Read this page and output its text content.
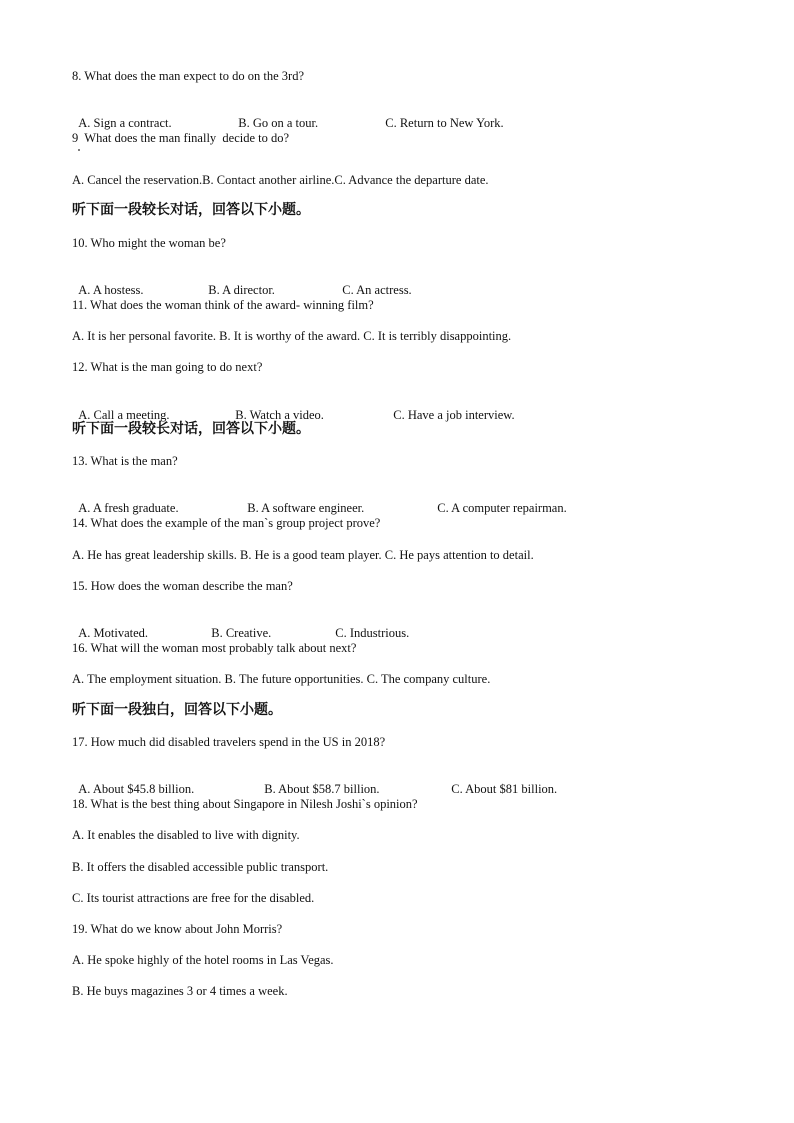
8. What does the man expect to do on the 3rd?

A. Sign a contract.	B. Go on a tour.	C. Return to New York.

9  What does the man finally  decide to do?
A. Cancel the reservation.B. Contact another airline.C. Advance the departure date.
听下面一段较长对话，回答以下小题。
10. Who might the woman be?

A. A hostess.	B. A director.	C. An actress.

11. What does the woman think of the award- winning film?
A. It is her personal favorite. B. It is worthy of the award. C. It is terribly disappointing.
12. What is the man going to do next?

A. Call a meeting.	B. Watch a video.	C. Have a job interview.

听下面一段较长对话，回答以下小题。
13. What is the man?

A. A fresh graduate.	B. A software engineer.	C. A computer repairman.

14. What does the example of the man`s group project prove?
A. He has great leadership skills. B. He is a good team player. C. He pays attention to detail.
15. How does the woman describe the man?

A. Motivated.	B. Creative.	C. Industrious.

16. What will the woman most probably talk about next?
A. The employment situation. B. The future opportunities. C. The company culture.
听下面一段独白，回答以下小题。
17. How much did disabled travelers spend in the US in 2018?

A. About $45.8 billion.	B. About $58.7 billion.	C. About $81 billion.

18. What is the best thing about Singapore in Nilesh Joshi`s opinion?
A. It enables the disabled to live with dignity.
B. It offers the disabled accessible public transport.
C. Its tourist attractions are free for the disabled.
19. What do we know about John Morris?
A. He spoke highly of the hotel rooms in Las Vegas.
B. He buys magazines 3 or 4 times a week.
